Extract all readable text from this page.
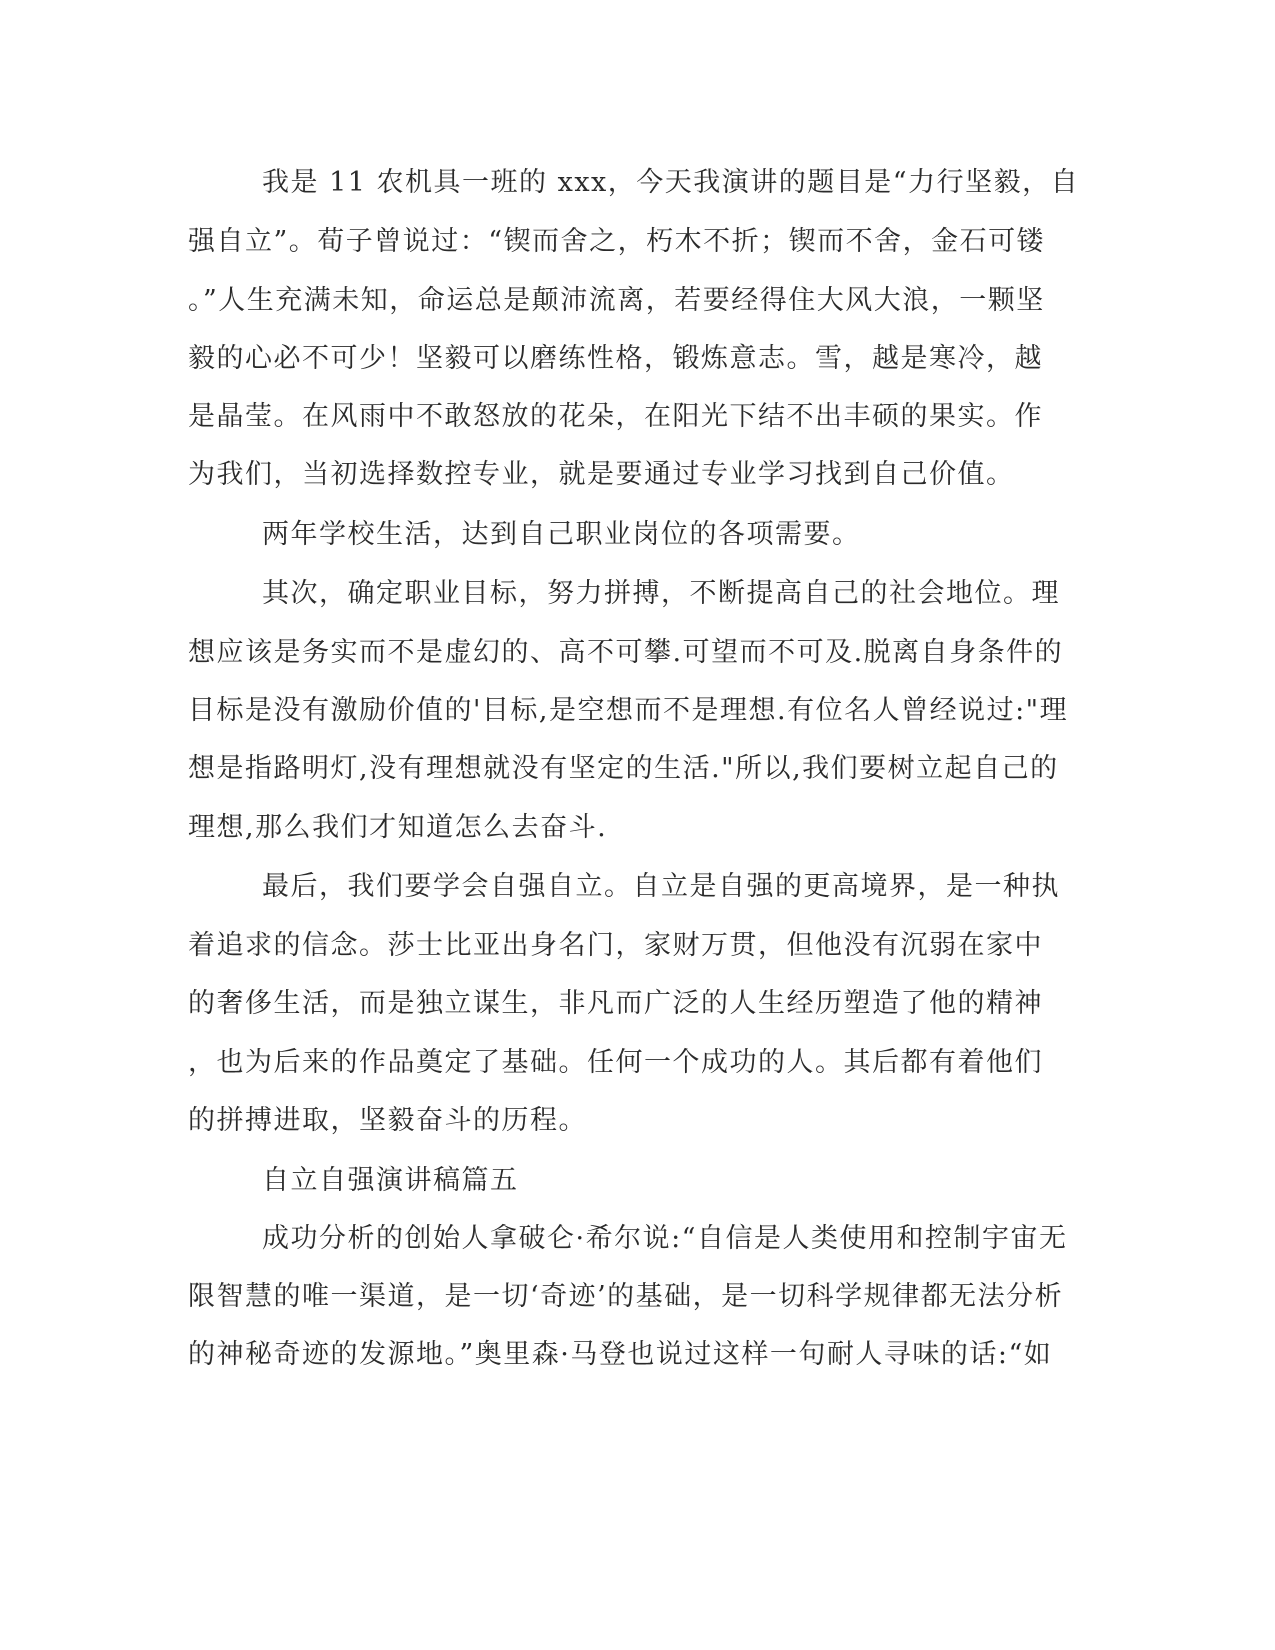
我是 11 农机具一班的 xxx，今天我演讲的题目是“力行坚毅，自
强自立”。荀子曾说过：“锲而舍之，朽木不折；锲而不舍，金石可镂
。”人生充满未知，命运总是颠沛流离，若要经得住大风大浪，一颗坚
毅的心必不可少！坚毅可以磨练性格，锻炼意志。雪，越是寒冷，越
是晶莹。在风雨中不敢怒放的花朵，在阳光下结不出丰硕的果实。作
为我们，当初选择数控专业，就是要通过专业学习找到自己价值。
两年学校生活，达到自己职业岗位的各项需要。
其次，确定职业目标，努力拼搏，不断提高自己的社会地位。理
想应该是务实而不是虚幻的、高不可攀.可望而不可及.脱离自身条件的
目标是没有激励价值的'目标,是空想而不是理想.有位名人曾经说过:"理
想是指路明灯,没有理想就没有坚定的生活."所以,我们要树立起自己的
理想,那么我们才知道怎么去奋斗.
最后，我们要学会自强自立。自立是自强的更高境界，是一种执
着追求的信念。莎士比亚出身名门，家财万贯，但他没有沉弱在家中
的奢侈生活，而是独立谋生，非凡而广泛的人生经历塑造了他的精神
，也为后来的作品奠定了基础。任何一个成功的人。其后都有着他们
的拼搏进取，坚毅奋斗的历程。
自立自强演讲稿篇五
成功分析的创始人拿破仑·希尔说:“自信是人类使用和控制宇宙无
限智慧的唯一渠道，是一切‘奇迹’的基础，是一切科学规律都无法分析
的神秘奇迹的发源地。”奥里森·马登也说过这样一句耐人寻味的话:“如
